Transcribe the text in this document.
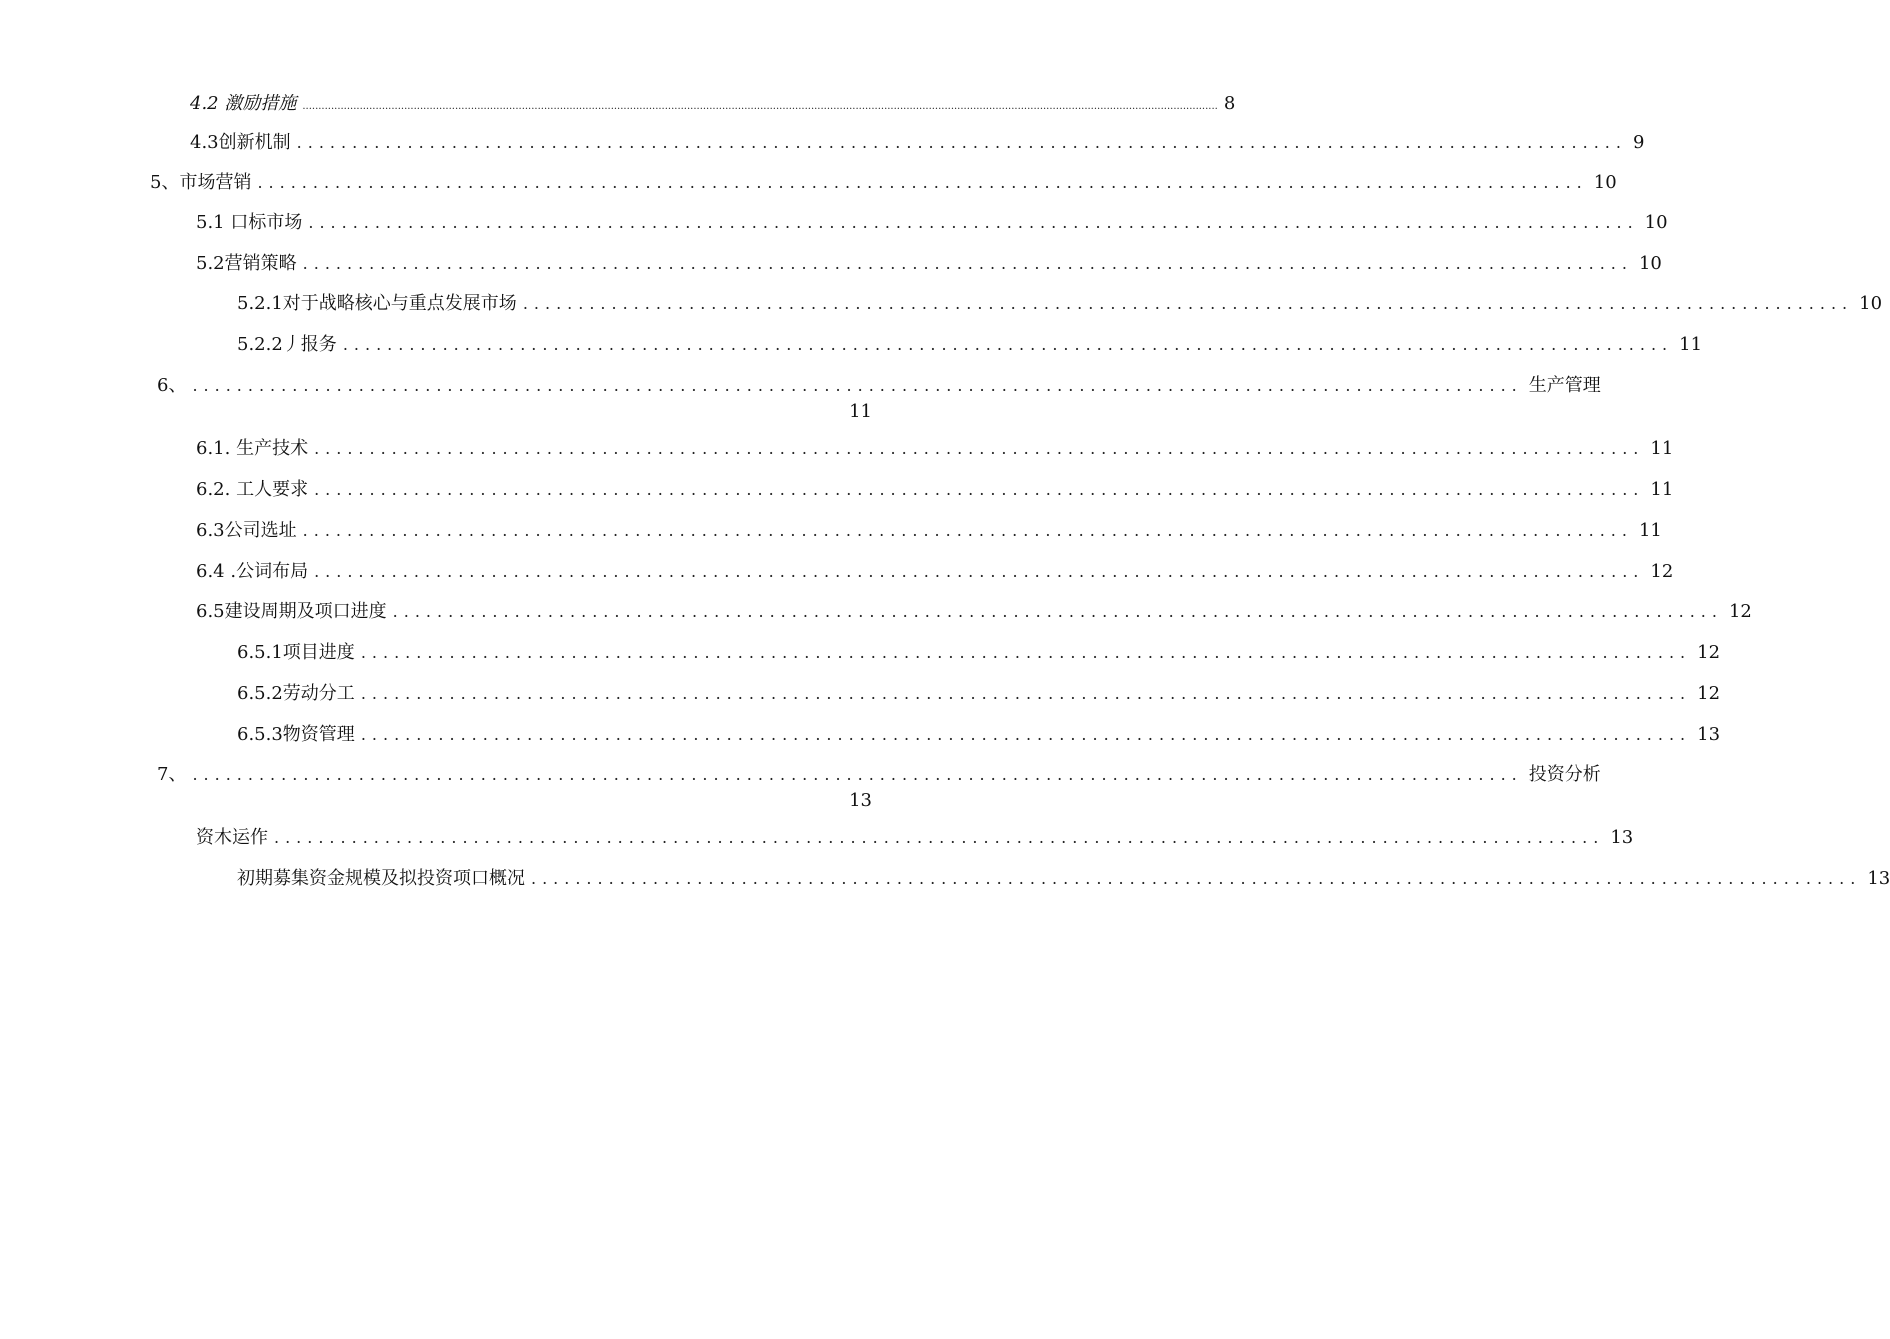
4.2 激励措施 ................................................................................................................................................................................................................................................................................................ 8
4.3创新机制 ........................................................................................................................ 9
5、市场营销 ........................................................................................................................ 10
5.1 口标市场 ........................................................................................................................ 10
5.2营销策略 ........................................................................................................................ 10
5.2.1对于战略核心与重点发展市场 ........................................................................................................................ 10
5.2.2丿报务 ........................................................................................................................ 11
6、 ........................................................................................................................ 生产管理
11
6.1. 生产技术 ........................................................................................................................ 11
6.2. 工人要求 ........................................................................................................................ 11
6.3公司选址 ........................................................................................................................ 11
6.4 .公词布局 ........................................................................................................................ 12
6.5建设周期及项口进度 ........................................................................................................................ 12
6.5.1项目进度 ........................................................................................................................ 12
6.5.2劳动分工 ........................................................................................................................ 12
6.5.3物资管理 ........................................................................................................................ 13
7、 ........................................................................................................................ 投资分析
13
资木运作 ........................................................................................................................ 13
初期募集资金规模及拟投资项口概况 ........................................................................................................................ 13
